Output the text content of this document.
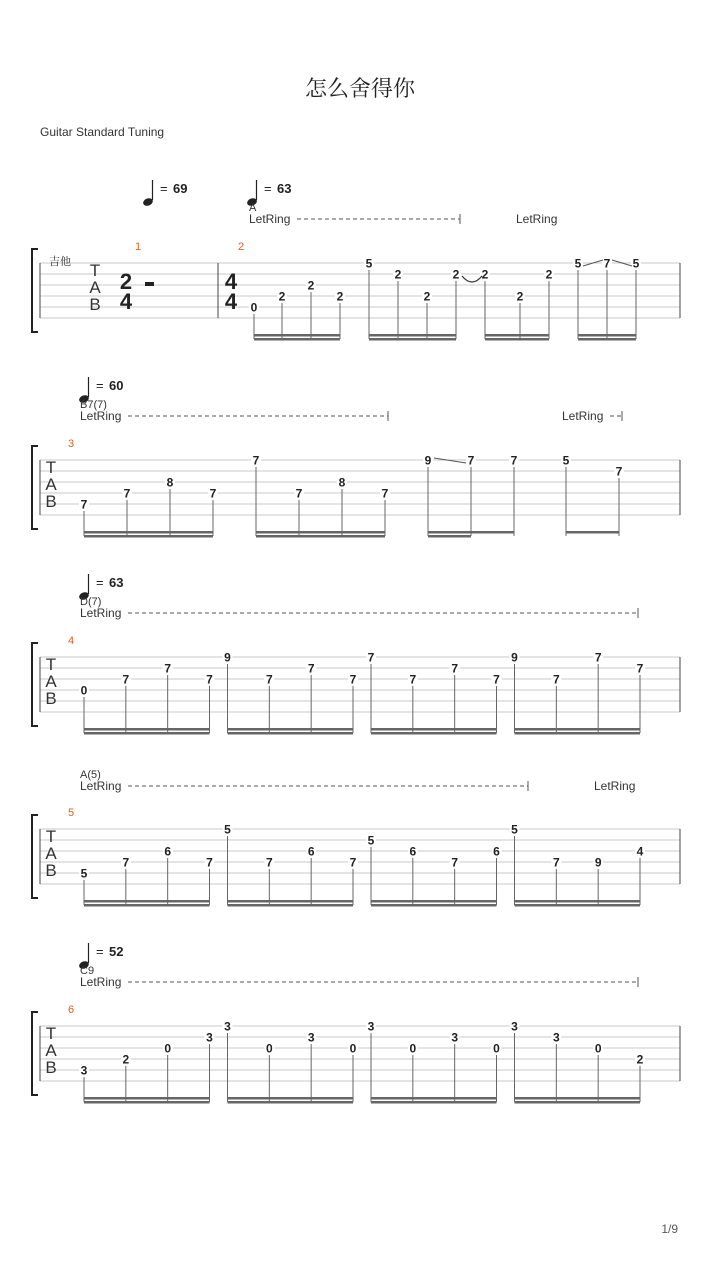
怎么舍得你
Guitar Standard Tuning
1/9
T
A
B
吉他
1	2
2
4
4
4
= 69	= 63
A
LetRing	LetRing
0
2
2
2
5
2
2
2 2
2
2
5 7 5
T
A
B
3
= 60
B7(7)
LetRing	LetRing
7
7
8
7
7
7
8
7
9	7	7	5
7
T
A
B
4
= 63
D(7)
LetRing
0
7
7
7
9
7
7
7
7
7
7
7
9
7
7
7
T
A
B
5
A(5)
LetRing	LetRing
5
7
6
7
5
7
6
7
5
6
7
6
5
7	9
4
T
A
B
6
= 52
C9
LetRing
3
2
0
3
3
0
3
0
3
0
3
0
3
3
0
2
